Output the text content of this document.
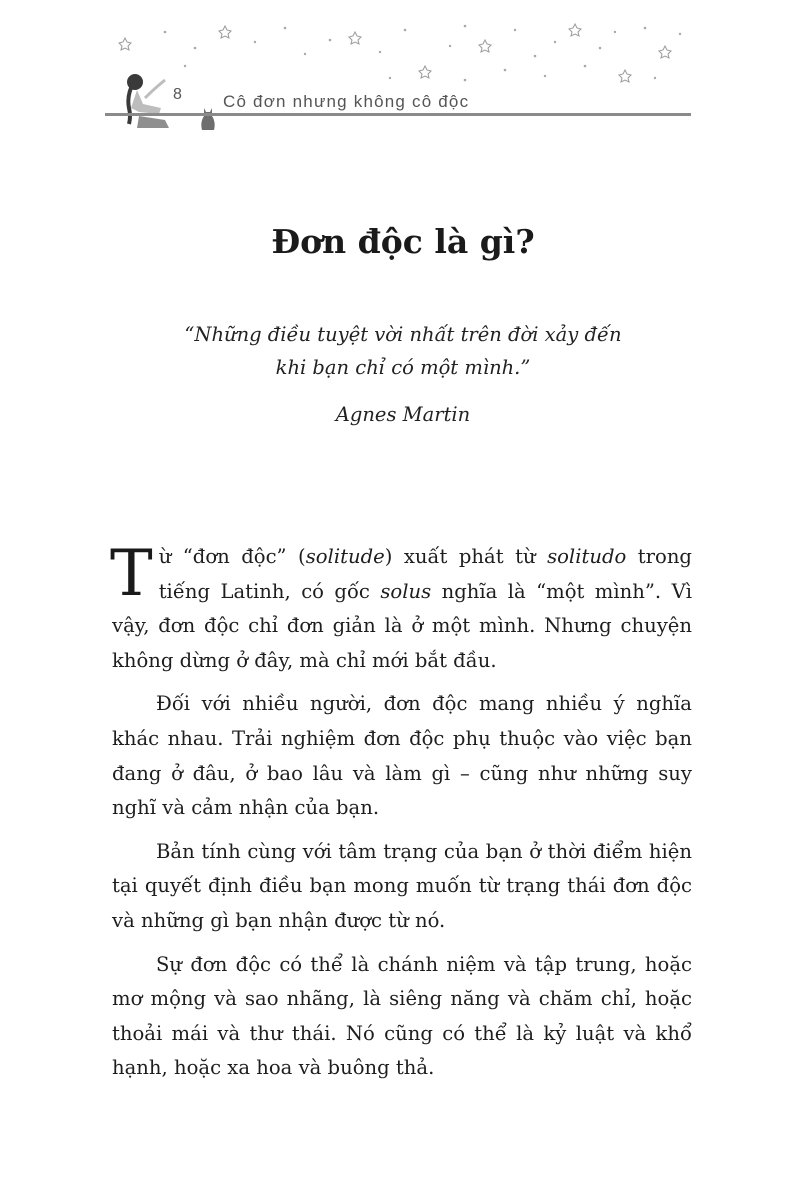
8 Cô đơn nhưng không cô độc
Đơn độc là gì?
“Những điều tuyệt vời nhất trên đời xảy đến
khi bạn chỉ có một mình.”
Agnes Martin

Từ “đơn độc” (solitude) xuất phát từ solitudo trong tiếng Latinh, có gốc solus nghĩa là “một mình”. Vì vậy, đơn độc chỉ đơn giản là ở một mình. Nhưng chuyện không dừng ở đây, mà chỉ mới bắt đầu.

Đối với nhiều người, đơn độc mang nhiều ý nghĩa khác nhau. Trải nghiệm đơn độc phụ thuộc vào việc bạn đang ở đâu, ở bao lâu và làm gì – cũng như những suy nghĩ và cảm nhận của bạn.

Bản tính cùng với tâm trạng của bạn ở thời điểm hiện tại quyết định điều bạn mong muốn từ trạng thái đơn độc và những gì bạn nhận được từ nó.

Sự đơn độc có thể là chánh niệm và tập trung, hoặc mơ mộng và sao nhãng, là siêng năng và chăm chỉ, hoặc thoải mái và thư thái. Nó cũng có thể là kỷ luật và khổ hạnh, hoặc xa hoa và buông thả.
